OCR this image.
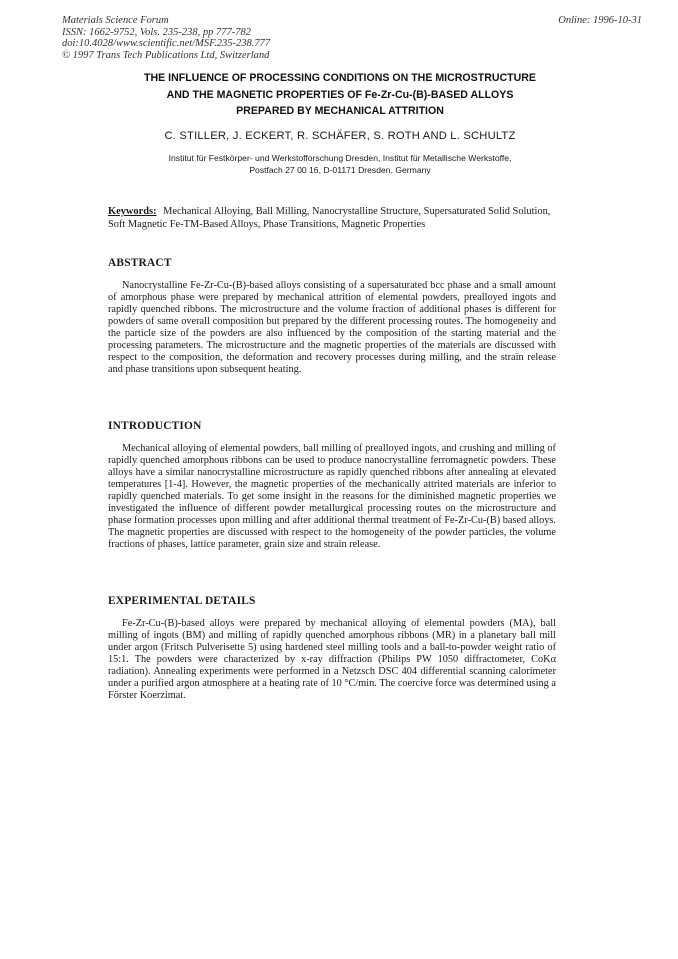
Materials Science Forum
ISSN: 1662-9752, Vols. 235-238, pp 777-782
doi:10.4028/www.scientific.net/MSF.235-238.777
© 1997 Trans Tech Publications Ltd, Switzerland
Online: 1996-10-31
THE INFLUENCE OF PROCESSING CONDITIONS ON THE MICROSTRUCTURE
AND THE MAGNETIC PROPERTIES OF Fe-Zr-Cu-(B)-BASED ALLOYS
PREPARED BY MECHANICAL ATTRITION
C. STILLER, J. ECKERT, R. SCHÄFER, S. ROTH AND L. SCHULTZ
Institut für Festkörper- und Werkstofforschung Dresden, Institut für Metallische Werkstoffe,
Postfach 27 00 16, D-01171 Dresden, Germany
Keywords: Mechanical Alloying, Ball Milling, Nanocrystalline Structure, Supersaturated Solid Solution, Soft Magnetic Fe-TM-Based Alloys, Phase Transitions, Magnetic Properties
ABSTRACT
Nanocrystalline Fe-Zr-Cu-(B)-based alloys consisting of a supersaturated bcc phase and a small amount of amorphous phase were prepared by mechanical attrition of elemental powders, prealloyed ingots and rapidly quenched ribbons. The microstructure and the volume fraction of additional phases is different for powders of same overall composition but prepared by the different processing routes. The homogeneity and the particle size of the powders are also influenced by the composition of the starting material and the processing parameters. The microstructure and the magnetic properties of the materials are discussed with respect to the composition, the deformation and recovery processes during milling, and the strain release and phase transitions upon subsequent heating.
INTRODUCTION
Mechanical alloying of elemental powders, ball milling of prealloyed ingots, and crushing and milling of rapidly quenched amorphous ribbons can be used to produce nanocrystalline ferromagnetic powders. These alloys have a similar nanocrystalline microstructure as rapidly quenched ribbons after annealing at elevated temperatures [1-4]. However, the magnetic properties of the mechanically attrited materials are inferior to rapidly quenched materials. To get some insight in the reasons for the diminished magnetic properties we investigated the influence of different powder metallurgical processing routes on the microstructure and phase formation processes upon milling and after additional thermal treatment of Fe-Zr-Cu-(B) based alloys. The magnetic properties are discussed with respect to the homogeneity of the powder particles, the volume fractions of phases, lattice parameter, grain size and strain release.
EXPERIMENTAL DETAILS
Fe-Zr-Cu-(B)-based alloys were prepared by mechanical alloying of elemental powders (MA), ball milling of ingots (BM) and milling of rapidly quenched amorphous ribbons (MR) in a planetary ball mill under argon (Fritsch Pulverisette 5) using hardened steel milling tools and a ball-to-powder weight ratio of 15:1. The powders were characterized by x-ray diffraction (Philips PW 1050 diffractometer, CoKα radiation). Annealing experiments were performed in a Netzsch DSC 404 differential scanning calorimeter under a purified argon atmosphere at a heating rate of 10 °C/min. The coercive force was determined using a Förster Koerzimat.
